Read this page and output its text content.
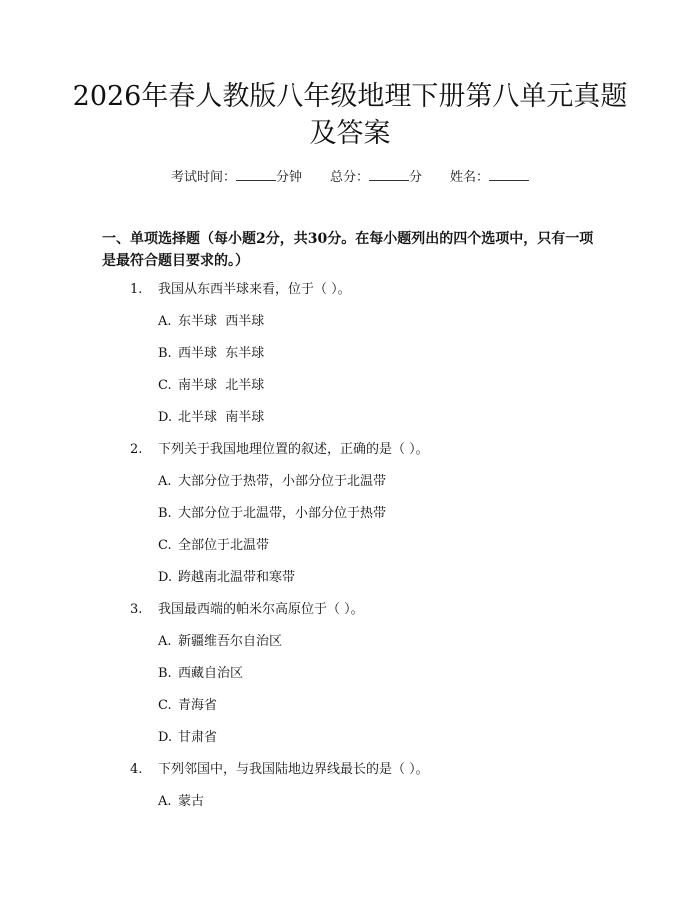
2026年春人教版八年级地理下册第八单元真题及答案
考试时间：	分钟 总分：	分 姓名：

一、单项选择题（每小题2分，共30分。在每小题列出的四个选项中，只有一项是最符合题目要求的。）

1. 我国从东西半球来看，位于（ ）。
A. 东半球  西半球
B. 西半球  东半球
C. 南半球  北半球
D. 北半球  南半球
2. 下列关于我国地理位置的叙述，正确的是（ ）。
A. 大部分位于热带，小部分位于北温带
B. 大部分位于北温带，小部分位于热带
C. 全部位于北温带
D. 跨越南北温带和寒带
3. 我国最西端的帕米尔高原位于（ ）。
A. 新疆维吾尔自治区
B. 西藏自治区
C. 青海省
D. 甘肃省
4. 下列邻国中，与我国陆地边界线最长的是（ ）。
A. 蒙古
